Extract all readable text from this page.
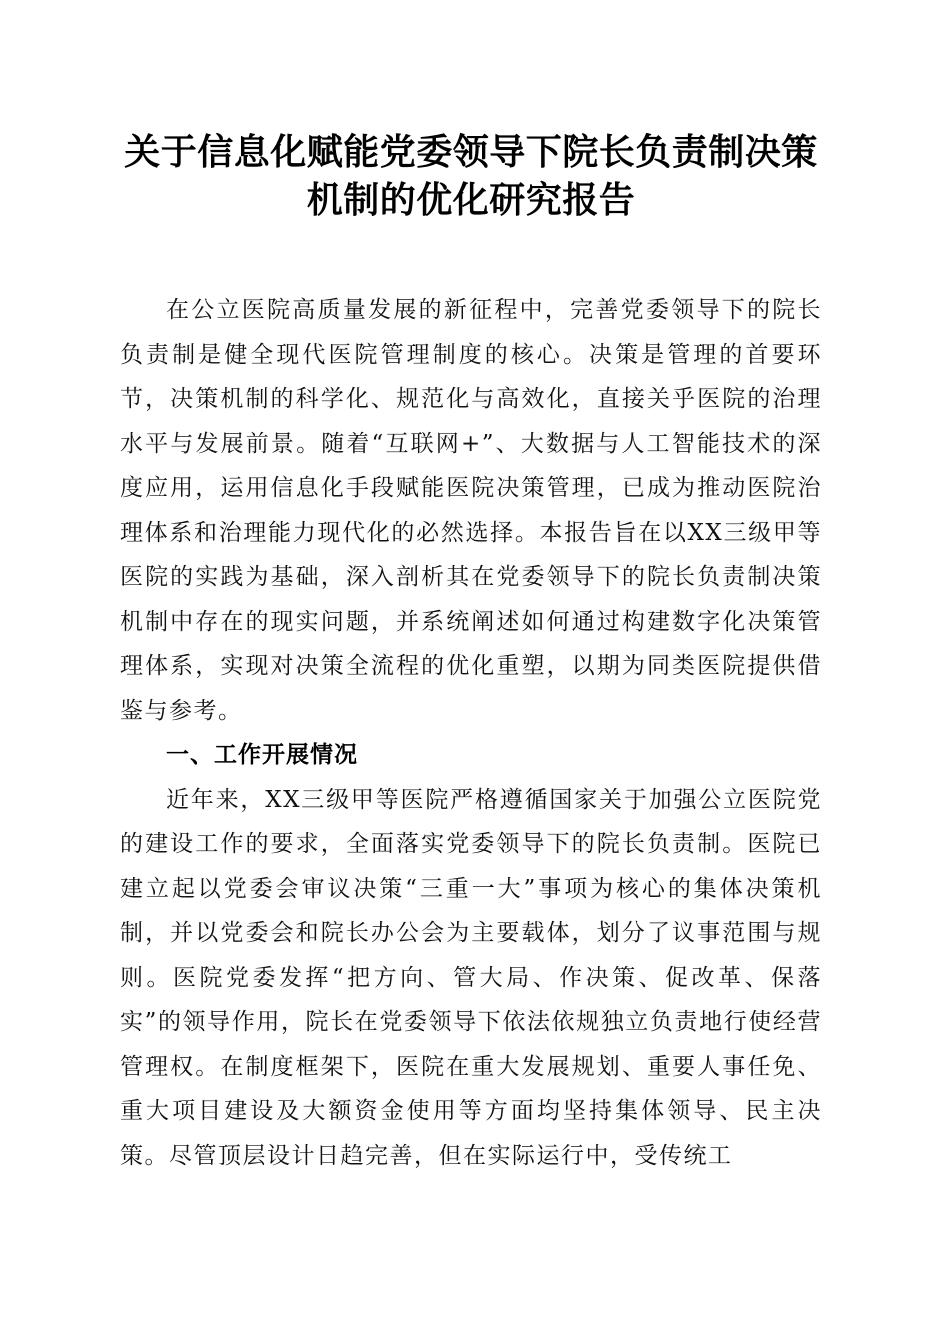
关于信息化赋能党委领导下院长负责制决策机制的优化研究报告

在公立医院高质量发展的新征程中，完善党委领导下的院长负责制是健全现代医院管理制度的核心。决策是管理的首要环节，决策机制的科学化、规范化与高效化，直接关乎医院的治理水平与发展前景。随着“互联网+”、大数据与人工智能技术的深度应用，运用信息化手段赋能医院决策管理，已成为推动医院治理体系和治理能力现代化的必然选择。本报告旨在以XX三级甲等医院的实践为基础，深入剖析其在党委领导下的院长负责制决策机制中存在的现实问题，并系统阐述如何通过构建数字化决策管理体系，实现对决策全流程的优化重塑，以期为同类医院提供借鉴与参考。

一、工作开展情况

近年来，XX三级甲等医院严格遵循国家关于加强公立医院党的建设工作的要求，全面落实党委领导下的院长负责制。医院已建立起以党委会审议决策“三重一大”事项为核心的集体决策机制，并以党委会和院长办公会为主要载体，划分了议事范围与规则。医院党委发挥“把方向、管大局、作决策、促改革、保落实”的领导作用，院长在党委领导下依法依规独立负责地行使经营管理权。在制度框架下，医院在重大发展规划、重要人事任免、重大项目建设及大额资金使用等方面均坚持集体领导、民主决策。尽管顶层设计日趋完善，但在实际运行中，受传统工
